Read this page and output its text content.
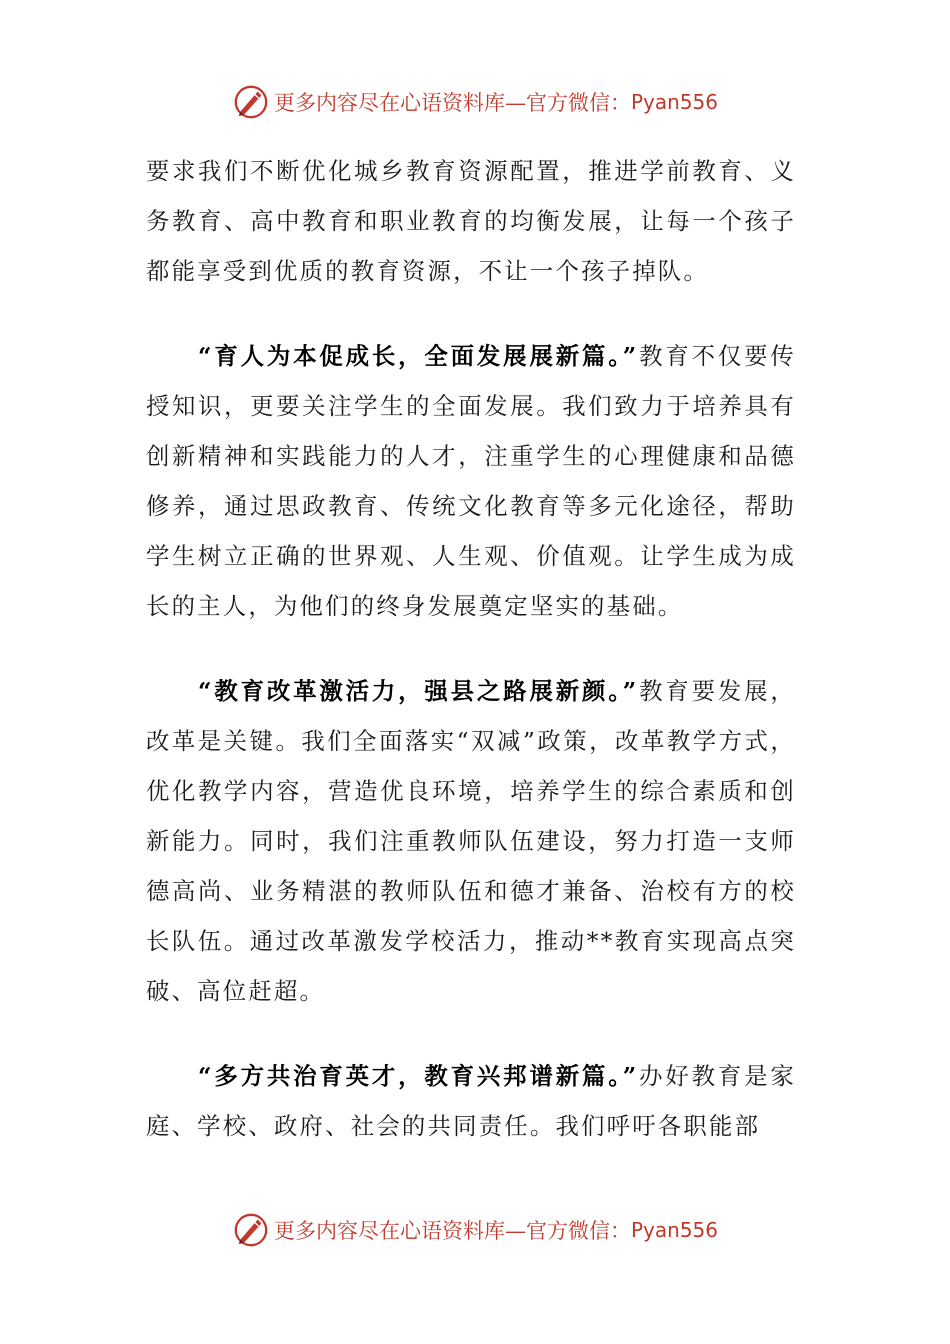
更多内容尽在心语资料库—官方微信： Pyan556

要求我们不断优化城乡教育资源配置，推进学前教育、义务教育、高中教育和职业教育的均衡发展，让每一个孩子都能享受到优质的教育资源，不让一个孩子掉队。

“育人为本促成长，全面发展展新篇。”教育不仅要传授知识，更要关注学生的全面发展。我们致力于培养具有创新精神和实践能力的人才，注重学生的心理健康和品德修养，通过思政教育、传统文化教育等多元化途径，帮助学生树立正确的世界观、人生观、价值观。让学生成为成长的主人，为他们的终身发展奠定坚实的基础。

“教育改革激活力，强县之路展新颜。”教育要发展，改革是关键。我们全面落实“双减”政策，改革教学方式，优化教学内容，营造优良环境，培养学生的综合素质和创新能力。同时，我们注重教师队伍建设，努力打造一支师德高尚、业务精湛的教师队伍和德才兼备、治校有方的校长队伍。通过改革激发学校活力，推动**教育实现高点突破、高位赶超。

“多方共治育英才，教育兴邦谱新篇。”办好教育是家庭、学校、政府、社会的共同责任。我们呼吁各职能部

更多内容尽在心语资料库—官方微信： Pyan556
